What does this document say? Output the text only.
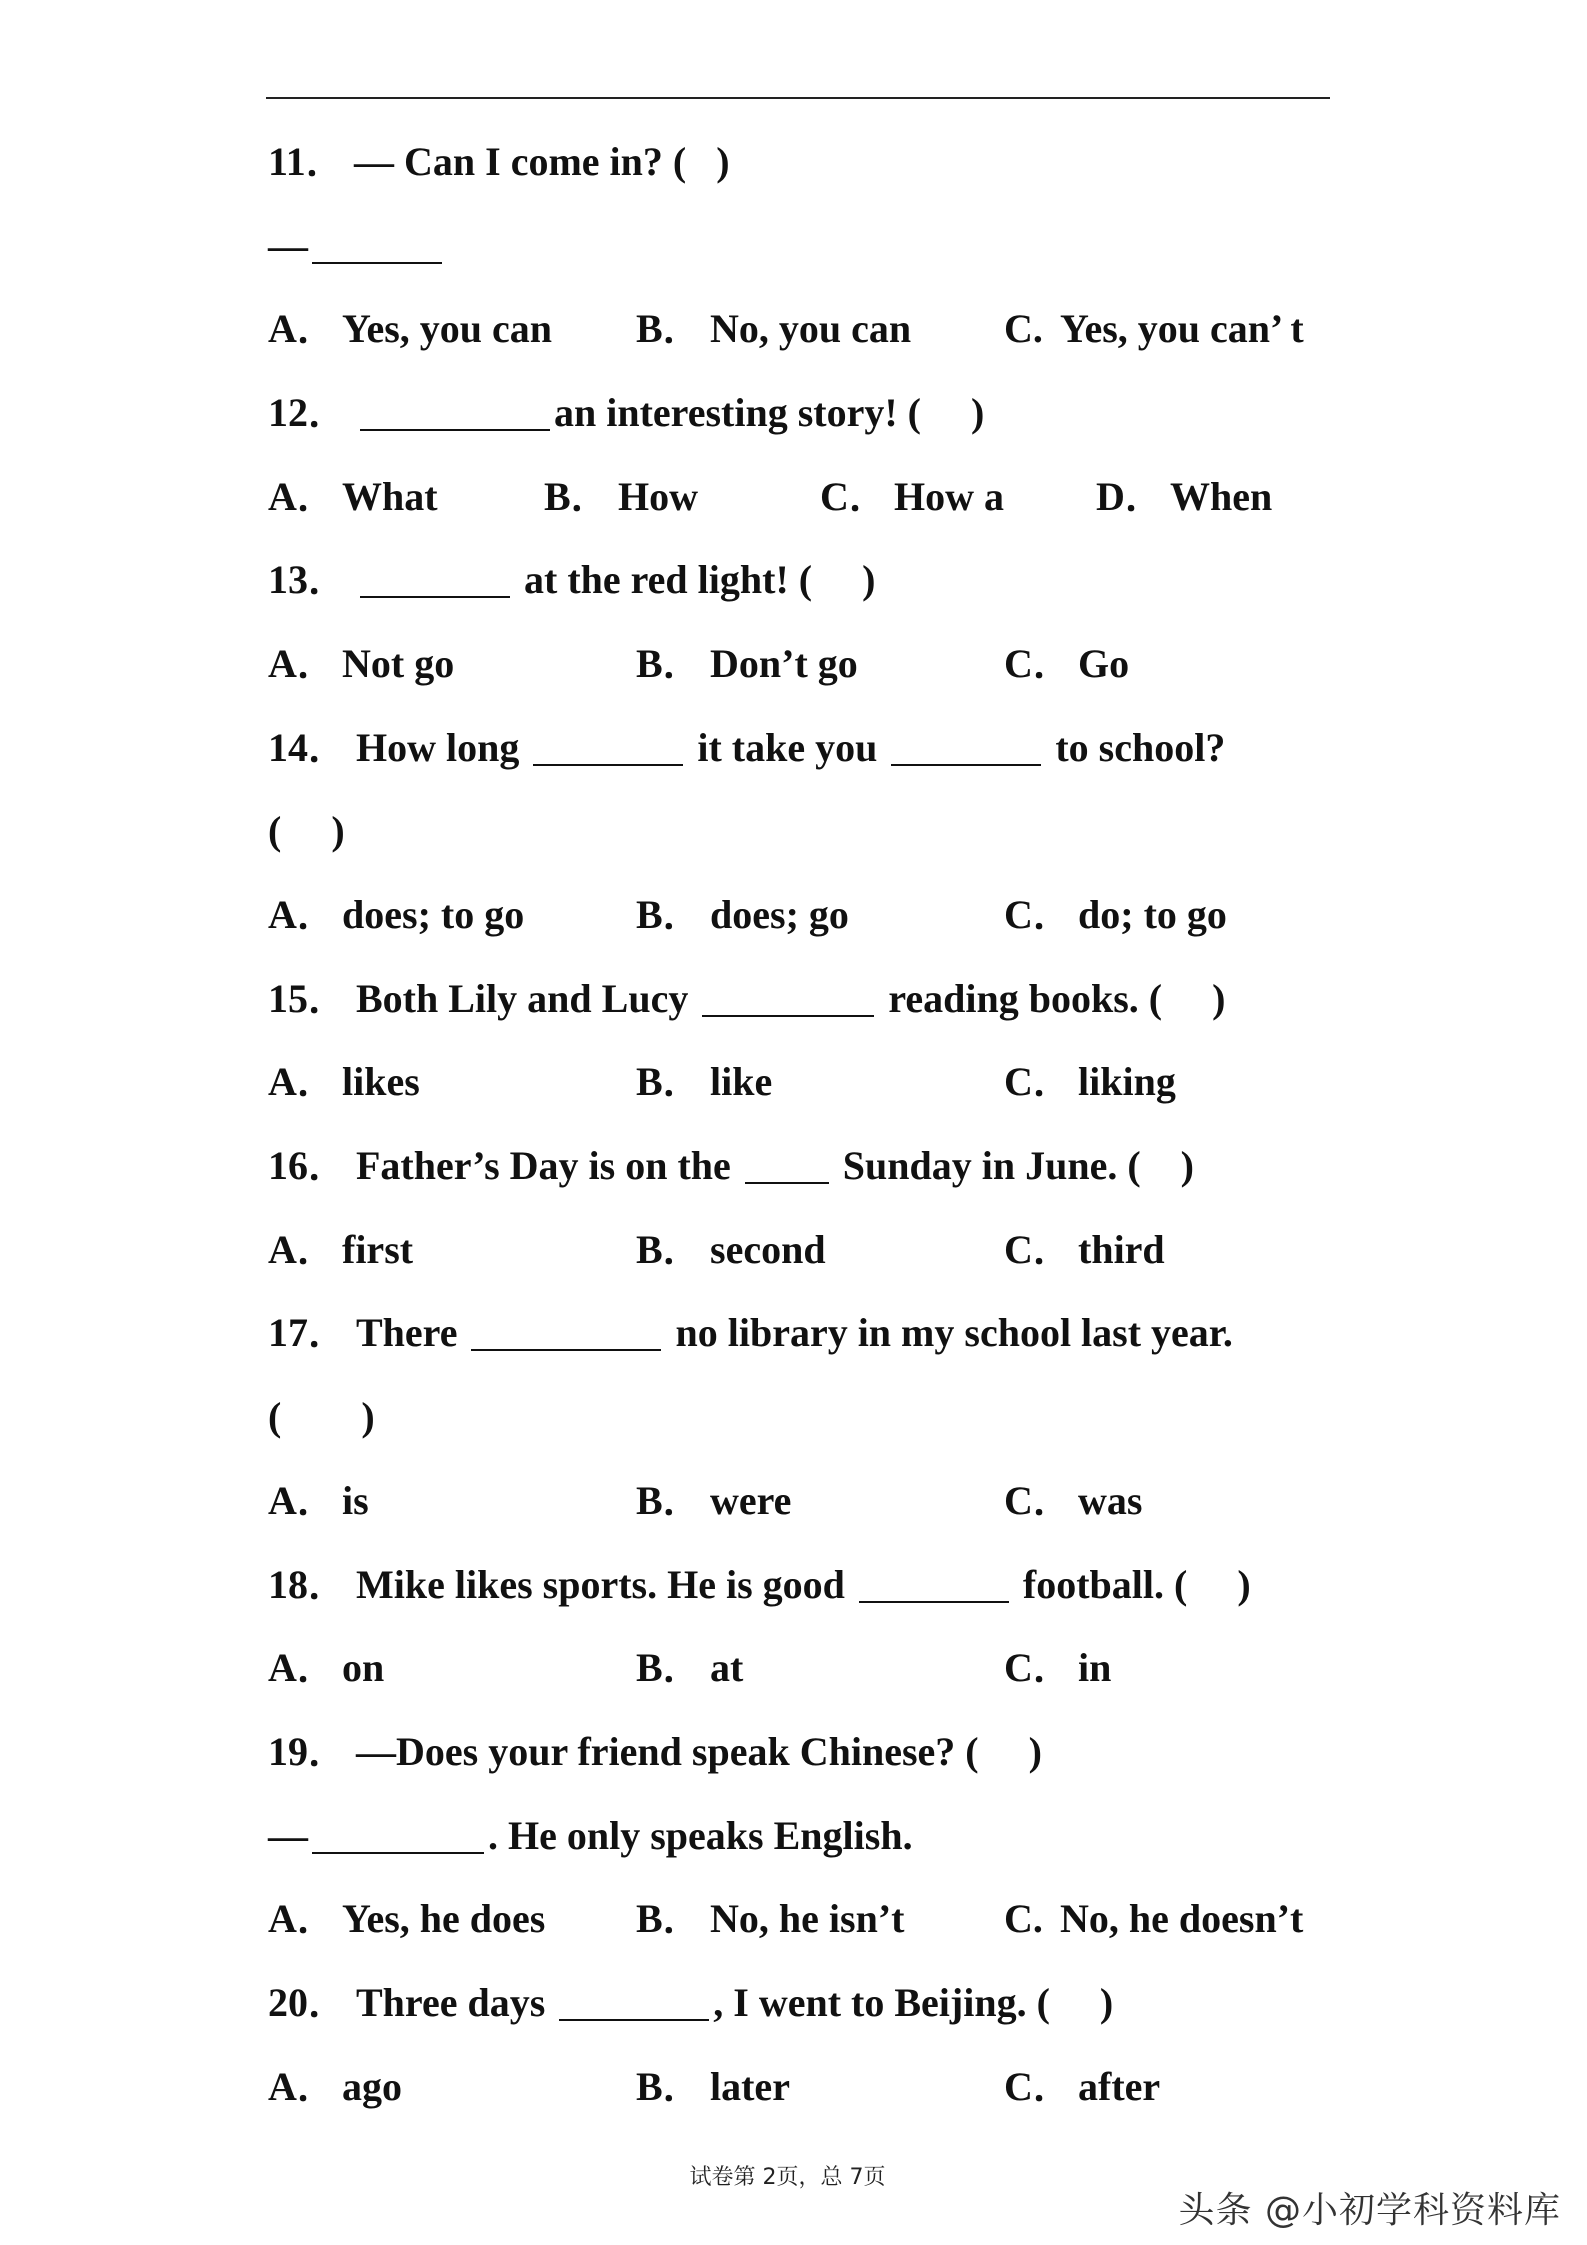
11． — Can I come in? ( )
—
A． Yes, you can B． No, you can C. Yes, you can’ t
12．	an interesting story! (     )
A． What	B． How	C． How a D． When
13．	at the red light! (     )
A． Not go	B． Don’t go	C． Go
14． How long	it take you	to school?
(     )
A． does; to go	B． does; go	C． do; to go
15． Both Lily and Lucy	reading books. (     )
A． likes	B． like	C． liking
16． Father’s Day is on the Sunday in June. (    )
A． first	B． second	C． third
17． There	no library in my school last year.
(        )
A． is	B． were	C． was
18． Mike likes sports. He is good	football. (     )
A． on	B． at	C． in
19． —Does your friend speak Chinese? (     )
—	. He only speaks English.
A． Yes, he does B． No, he isn’t C. No, he doesn’t
20． Three days	, I went to Beijing. (     )
A． ago	B． later	C． after
试卷第 2页，总 7页
头条 @小初学科资料库
